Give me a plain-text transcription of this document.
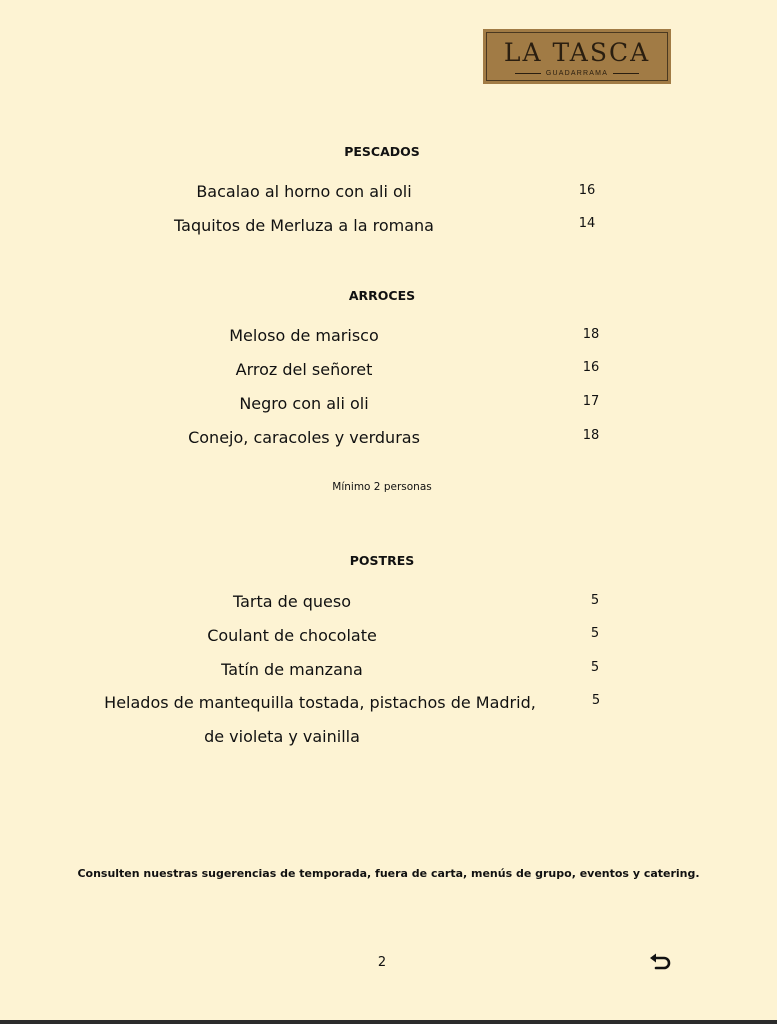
LA TASCA
GUADARRAMA
PESCADOS
Bacalao al horno con ali oli	16
Taquitos de Merluza a la romana	14
ARROCES
Meloso de marisco	18
Arroz del señoret	16
Negro con ali oli	17
Conejo, caracoles y verduras	18
Mínimo 2 personas
POSTRES
Tarta de queso	5
Coulant de chocolate	5
Tatín de manzana	5
Helados de mantequilla tostada, pistachos de Madrid,
de violeta y vainilla
5
Consulten nuestras sugerencias de temporada, fuera de carta, menús de grupo, eventos y catering.
2
